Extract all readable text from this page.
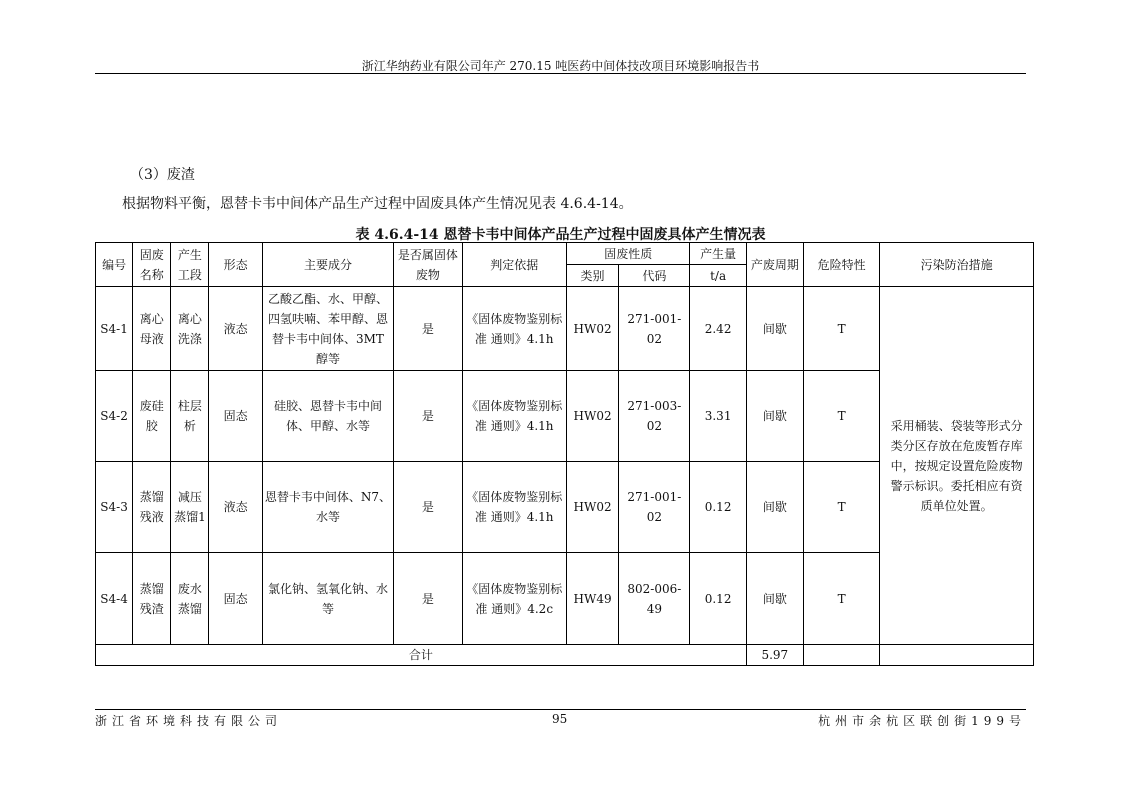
浙江华纳药业有限公司年产 270.15 吨医药中间体技改项目环境影响报告书
（3）废渣
根据物料平衡，恩替卡韦中间体产品生产过程中固废具体产生情况见表 4.6.4-14。
表 4.6.4-14 恩替卡韦中间体产品生产过程中固废具体产生情况表
编号	固废名称	产生工段	形态	主要成分	是否属固体废物	判定依据	固废性质		产生量	产废周期	危险特性	污染防治措施
							类别	代码	t/a			
S4-1	离心母液	离心洗涤	液态	乙酸乙酯、水、甲醇、四氢呋喃、苯甲醇、恩替卡韦中间体、3MT 醇等	是	《固体废物鉴别标准 通则》4.1h	HW02	271-001-02	2.42	间歇	T	采用桶装、袋装等形式分类分区存放在危废暂存库中，按规定设置危险废物警示标识。委托相应有资质单位处置。
S4-2	废硅胶	柱层析	固态	硅胶、恩替卡韦中间体、甲醇、水等	是	《固体废物鉴别标准 通则》4.1h	HW02	271-003-02	3.31	间歇	T	
S4-3	蒸馏残液	减压蒸馏1	液态	恩替卡韦中间体、N7、水等	是	《固体废物鉴别标准 通则》4.1h	HW02	271-001-02	0.12	间歇	T	
S4-4	蒸馏残渣	废水蒸馏	固态	氯化钠、氢氧化钠、水等	是	《固体废物鉴别标准 通则》4.2c	HW49	802-006-49	0.12	间歇	T	
合计										5.97		
浙江省环境科技有限公司	95	杭州市余杭区联创街199号
